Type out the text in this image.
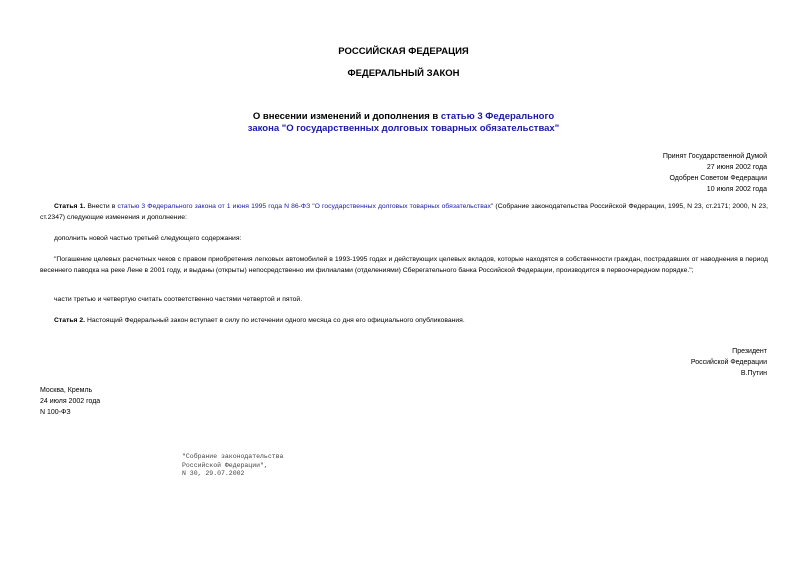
РОССИЙСКАЯ ФЕДЕРАЦИЯ
ФЕДЕРАЛЬНЫЙ ЗАКОН
О внесении изменений и дополнения в статью 3 Федерального
закона "О государственных долговых товарных обязательствах"
Принят Государственной Думой
27 июня 2002 года
Одобрен Советом Федерации
10 июля 2002 года
Статья 1. Внести в статью 3 Федерального закона от 1 июня 1995 года N 86-ФЗ "О государственных долговых товарных обязательствах" (Собрание законодательства Российской Федерации, 1995, N 23, ст.2171; 2000, N 23, ст.2347) следующие изменения и дополнение:
дополнить новой частью третьей следующего содержания:
"Погашение целевых расчетных чеков с правом приобретения легковых автомобилей в 1993-1995 годах и действующих целевых вкладов, которые находятся в собственности граждан, пострадавших от наводнения в период весеннего паводка на реке Лене в 2001 году, и выданы (открыты) непосредственно им филиалами (отделениями) Сберегательного банка Российской Федерации, производится в первоочередном порядке.";
части третью и четвертую считать соответственно частями четвертой и пятой.
Статья 2. Настоящий Федеральный закон вступает в силу по истечении одного месяца со дня его официального опубликования.
Президент
Российской Федерации
В.Путин
Москва, Кремль
24 июля 2002 года
N 100-ФЗ
"Собрание законодательства
Российской Федерации",
N 30, 29.07.2002
